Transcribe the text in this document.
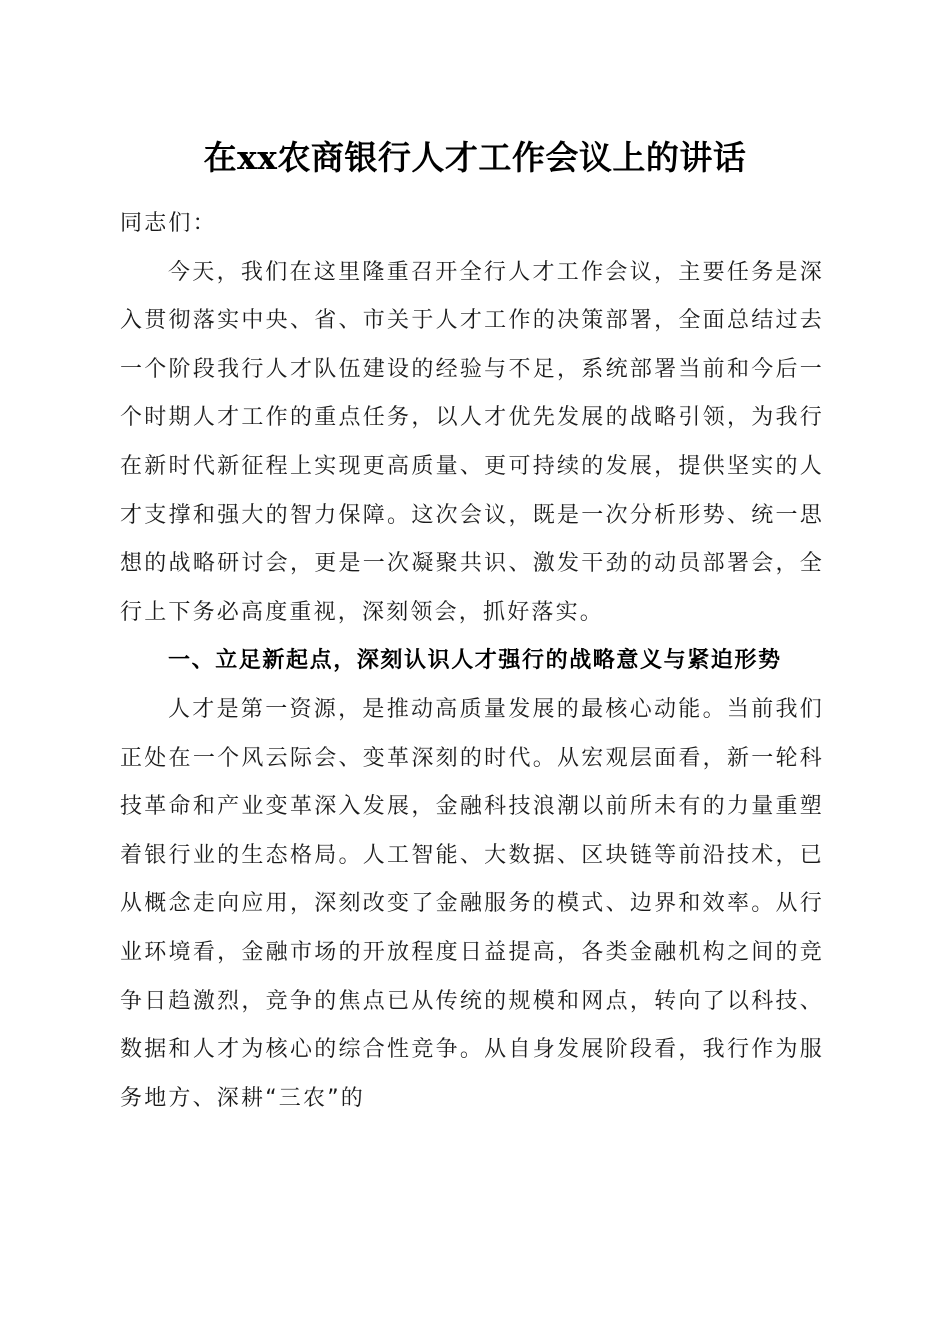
在xx农商银行人才工作会议上的讲话

同志们：

今天，我们在这里隆重召开全行人才工作会议，主要任务是深入贯彻落实中央、省、市关于人才工作的决策部署，全面总结过去一个阶段我行人才队伍建设的经验与不足，系统部署当前和今后一个时期人才工作的重点任务，以人才优先发展的战略引领，为我行在新时代新征程上实现更高质量、更可持续的发展，提供坚实的人才支撑和强大的智力保障。这次会议，既是一次分析形势、统一思想的战略研讨会，更是一次凝聚共识、激发干劲的动员部署会，全行上下务必高度重视，深刻领会，抓好落实。

一、立足新起点，深刻认识人才强行的战略意义与紧迫形势

人才是第一资源，是推动高质量发展的最核心动能。当前我们正处在一个风云际会、变革深刻的时代。从宏观层面看，新一轮科技革命和产业变革深入发展，金融科技浪潮以前所未有的力量重塑着银行业的生态格局。人工智能、大数据、区块链等前沿技术，已从概念走向应用，深刻改变了金融服务的模式、边界和效率。从行业环境看，金融市场的开放程度日益提高，各类金融机构之间的竞争日趋激烈，竞争的焦点已从传统的规模和网点，转向了以科技、数据和人才为核心的综合性竞争。从自身发展阶段看，我行作为服务地方、深耕“三农”的
